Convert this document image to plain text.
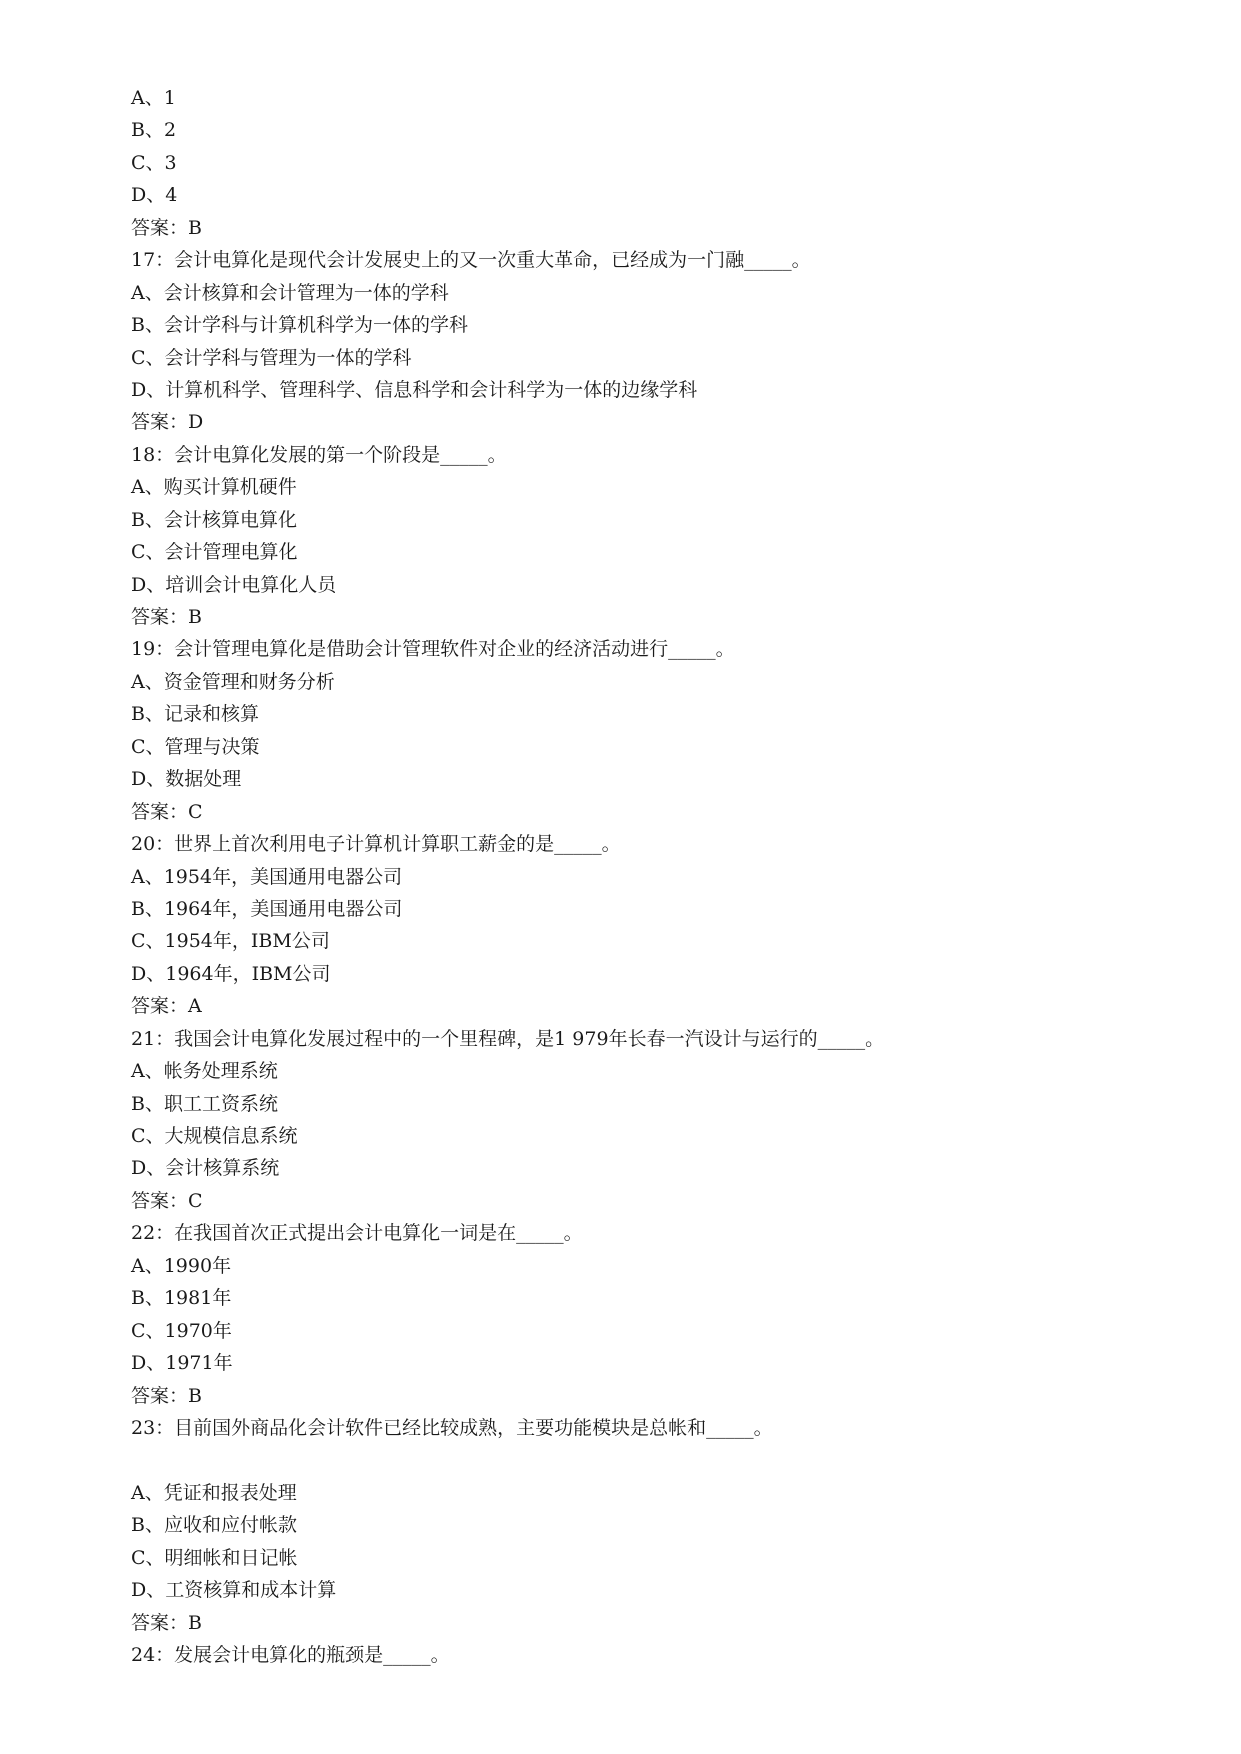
A、1
B、2
C、3
D、4
答案：B
17：会计电算化是现代会计发展史上的又一次重大革命，已经成为一门融_____。
A、会计核算和会计管理为一体的学科
B、会计学科与计算机科学为一体的学科
C、会计学科与管理为一体的学科
D、计算机科学、管理科学、信息科学和会计科学为一体的边缘学科
答案：D
18：会计电算化发展的第一个阶段是_____。
A、购买计算机硬件
B、会计核算电算化
C、会计管理电算化
D、培训会计电算化人员
答案：B
19：会计管理电算化是借助会计管理软件对企业的经济活动进行_____。
A、资金管理和财务分析
B、记录和核算
C、管理与决策
D、数据处理
答案：C
20：世界上首次利用电子计算机计算职工薪金的是_____。
A、1954年，美国通用电器公司
B、1964年，美国通用电器公司
C、1954年，IBM公司
D、1964年，IBM公司
答案：A
21：我国会计电算化发展过程中的一个里程碑，是1 979年长春一汽设计与运行的_____。
A、帐务处理系统
B、职工工资系统
C、大规模信息系统
D、会计核算系统
答案：C
22：在我国首次正式提出会计电算化一词是在_____。
A、1990年
B、1981年
C、1970年
D、1971年
答案：B
23：目前国外商品化会计软件已经比较成熟，主要功能模块是总帐和_____。
A、凭证和报表处理
B、应收和应付帐款
C、明细帐和日记帐
D、工资核算和成本计算
答案：B
24：发展会计电算化的瓶颈是_____。
